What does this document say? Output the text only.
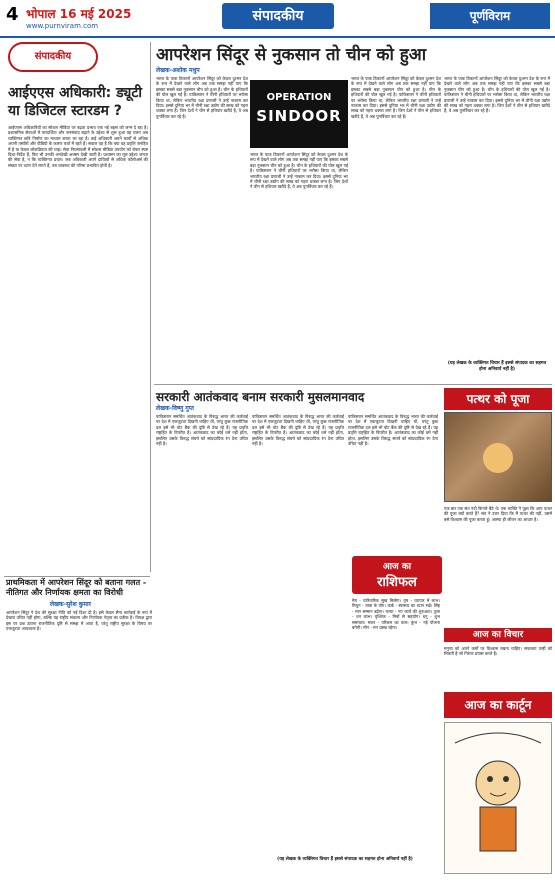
4 भोपाल 16 मई 2025
www.purnviram.com
संपादकीय	पूर्णविराम
संपादकीय
आईएएस अधिकारी: ड्यूटी या डिजिटल स्टारडम ?
आईएएस अधिकारियों का सोशल मीडिया पर बढ़ता प्रभाव एक नई बहस को जन्म दे रहा है। प्रशासनिक सेवाओं में पारदर्शिता और जनसंवाद बढ़ाने के उद्देश्य से शुरू हुआ यह चलन अब व्यक्तिगत छवि निर्माण का माध्यम बनता जा रहा है। कई अधिकारी अपने कार्यों से अधिक अपनी तस्वीरों और वीडियो के कारण चर्चा में रहते हैं। सवाल यह है कि क्या यह प्रवृत्ति जनहित में है या केवल लोकप्रियता की चाह। सेवा नियमावली में सोशल मीडिया उपयोग को लेकर स्पष्ट दिशा-निर्देश हैं, फिर भी उनकी अनदेखी अक्सर देखी जाती है। प्रशासन का मूल उद्देश्य जनता की सेवा है, न कि व्यक्तिगत प्रचार। जब अधिकारी अपने दायित्वों से अधिक फॉलोअर्स की संख्या पर ध्यान देने लगते हैं, तब व्यवस्था की गरिमा प्रभावित होती है।
आपरेशन सिंदूर से नुकसान तो चीन को हुआ
लेखक-अशोक मधुप
भारत के पाक ठिकानों आपरेशन सिंदूर को केवल दुश्मन देश के रूप में देखने वाले लोग अब तक समझ नहीं पाए कि इसका सबसे बड़ा नुकसान चीन को हुआ है। चीन के हथियारों की पोल खुल गई है। पाकिस्तान ने चीनी हथियारों पर भरोसा किया था, लेकिन भारतीय रक्षा प्रणाली ने उन्हें नाकाम कर दिया। इससे दुनिया भर में चीनी रक्षा उद्योग की साख को गहरा धक्का लगा है। जिन देशों ने चीन से हथियार खरीदे हैं, वे अब पुनर्विचार कर रहे हैं।
OPERATION
SINDOOR
भारत के पाक ठिकानों आपरेशन सिंदूर को केवल दुश्मन देश के रूप में देखने वाले लोग अब तक समझ नहीं पाए कि इसका सबसे बड़ा नुकसान चीन को हुआ है। चीन के हथियारों की पोल खुल गई है। पाकिस्तान ने चीनी हथियारों पर भरोसा किया था, लेकिन भारतीय रक्षा प्रणाली ने उन्हें नाकाम कर दिया। इससे दुनिया भर में चीनी रक्षा उद्योग की साख को गहरा धक्का लगा है। जिन देशों ने चीन से हथियार खरीदे हैं, वे अब पुनर्विचार कर रहे हैं।
भारत के पाक ठिकानों आपरेशन सिंदूर को केवल दुश्मन देश के रूप में देखने वाले लोग अब तक समझ नहीं पाए कि इसका सबसे बड़ा नुकसान चीन को हुआ है। चीन के हथियारों की पोल खुल गई है। पाकिस्तान ने चीनी हथियारों पर भरोसा किया था, लेकिन भारतीय रक्षा प्रणाली ने उन्हें नाकाम कर दिया। इससे दुनिया भर में चीनी रक्षा उद्योग की साख को गहरा धक्का लगा है। जिन देशों ने चीन से हथियार खरीदे हैं, वे अब पुनर्विचार कर रहे हैं।
भारत के पाक ठिकानों आपरेशन सिंदूर को केवल दुश्मन देश के रूप में देखने वाले लोग अब तक समझ नहीं पाए कि इसका सबसे बड़ा नुकसान चीन को हुआ है। चीन के हथियारों की पोल खुल गई है। पाकिस्तान ने चीनी हथियारों पर भरोसा किया था, लेकिन भारतीय रक्षा प्रणाली ने उन्हें नाकाम कर दिया। इससे दुनिया भर में चीनी रक्षा उद्योग की साख को गहरा धक्का लगा है। जिन देशों ने चीन से हथियार खरीदे हैं, वे अब पुनर्विचार कर रहे हैं।
सरकारी आतंकवाद बनाम सरकारी मुसलमानवाद
लेखक-विष्णु गुप्त
पाकिस्तान समर्थित आतंकवाद के विरुद्ध भारत की कार्रवाई पर देश में एकजुटता दिखनी चाहिए थी, परंतु कुछ राजनीतिक दल इसे भी वोट बैंक की दृष्टि से देख रहे हैं। यह प्रवृत्ति राष्ट्रहित के विपरीत है। आतंकवाद का कोई धर्म नहीं होता, इसलिए उसके विरुद्ध संघर्ष को सांप्रदायिक रंग देना उचित नहीं है।
पाकिस्तान समर्थित आतंकवाद के विरुद्ध भारत की कार्रवाई पर देश में एकजुटता दिखनी चाहिए थी, परंतु कुछ राजनीतिक दल इसे भी वोट बैंक की दृष्टि से देख रहे हैं। यह प्रवृत्ति राष्ट्रहित के विपरीत है। आतंकवाद का कोई धर्म नहीं होता, इसलिए उसके विरुद्ध संघर्ष को सांप्रदायिक रंग देना उचित नहीं है।
पाकिस्तान समर्थित आतंकवाद के विरुद्ध भारत की कार्रवाई पर देश में एकजुटता दिखनी चाहिए थी, परंतु कुछ राजनीतिक दल इसे भी वोट बैंक की दृष्टि से देख रहे हैं। यह प्रवृत्ति राष्ट्रहित के विपरीत है। आतंकवाद का कोई धर्म नहीं होता, इसलिए उसके विरुद्ध संघर्ष को सांप्रदायिक रंग देना उचित नहीं है।
(यह लेखक के व्यक्तिगत विचार हैं इससे संपादक का सहमत होना अनिवार्य नहीं है)
प्राथमिकता में आपरेशन सिंदूर को बताना गलत - नीतिगत और निर्णायक क्षमता का विरोधी
लेखक-सुरेश कुमार
आपरेशन सिंदूर ने देश की सुरक्षा नीति को नई दिशा दी है। इसे केवल सैन्य कार्रवाई के रूप में देखना उचित नहीं होगा, बल्कि यह राष्ट्रीय संकल्प और निर्णायक नेतृत्व का प्रतीक है। विपक्ष द्वारा इस पर प्रश्न उठाना राजनीतिक दृष्टि से समझ में आता है, परंतु राष्ट्रीय सुरक्षा के विषय पर एकजुटता आवश्यक है।
आज का
राशिफल
मेष - पारिवारिक सुख मिलेगा। वृष - व्यापार में लाभ। मिथुन - यात्रा के योग। कर्क - स्वास्थ्य का ध्यान रखें। सिंह - मान सम्मान बढ़ेगा। कन्या - नए कार्य की शुरुआत। तुला - धन लाभ। वृश्चिक - मित्रों से सहयोग। धनु - शुभ समाचार। मकर - परिश्रम का फल। कुंभ - नई योजना बनेगी। मीन - मन प्रसन्न रहेगा।
(यह लेखक के व्यक्तिगत विचार हैं इससे संपादक का सहमत होना अनिवार्य नहीं है)
पत्थर को पूजा
एक बार एक संत नदी किनारे बैठे थे। एक व्यक्ति ने पूछा कि आप पत्थर की पूजा क्यों करते हैं? संत ने उत्तर दिया कि मैं पत्थर की नहीं, उसमें बसे विश्वास की पूजा करता हूं। आस्था ही जीवन का आधार है।
आज का विचार
मनुष्य को अपने कर्मों पर विश्वास रखना चाहिए। सफलता उन्हीं को मिलती है जो निरंतर प्रयास करते हैं।
आज का कार्टून
